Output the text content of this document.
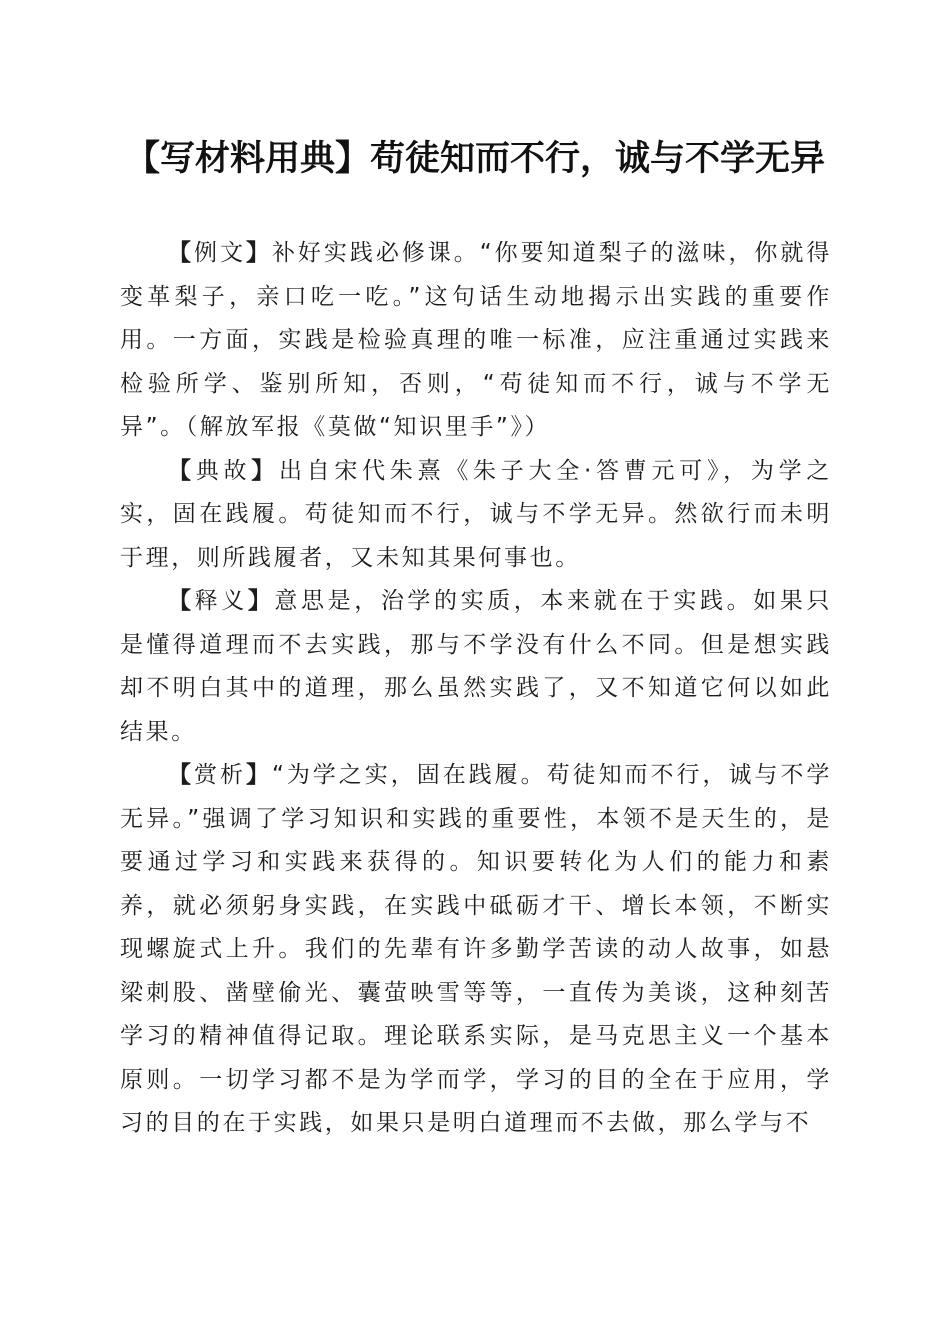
【写材料用典】苟徒知而不行，诚与不学无异

【例文】补好实践必修课。“你要知道梨子的滋味，你就得变革梨子，亲口吃一吃。”这句话生动地揭示出实践的重要作用。一方面，实践是检验真理的唯一标准，应注重通过实践来检验所学、鉴别所知，否则，“苟徒知而不行，诚与不学无异”。（解放军报《莫做“知识里手”》）

【典故】出自宋代朱熹《朱子大全·答曹元可》，为学之实，固在践履。苟徒知而不行，诚与不学无异。然欲行而未明于理，则所践履者，又未知其果何事也。

【释义】意思是，治学的实质，本来就在于实践。如果只是懂得道理而不去实践，那与不学没有什么不同。但是想实践却不明白其中的道理，那么虽然实践了，又不知道它何以如此结果。

【赏析】“为学之实，固在践履。苟徒知而不行，诚与不学无异。”强调了学习知识和实践的重要性，本领不是天生的，是要通过学习和实践来获得的。知识要转化为人们的能力和素养，就必须躬身实践，在实践中砥砺才干、增长本领，不断实现螺旋式上升。我们的先辈有许多勤学苦读的动人故事，如悬梁刺股、凿壁偷光、囊萤映雪等等，一直传为美谈，这种刻苦学习的精神值得记取。理论联系实际，是马克思主义一个基本原则。一切学习都不是为学而学，学习的目的全在于应用，学习的目的在于实践，如果只是明白道理而不去做，那么学与不
